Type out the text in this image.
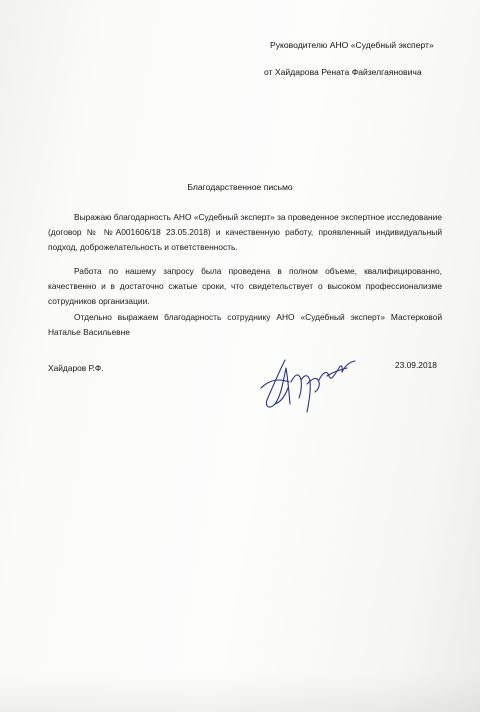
Руководителю АНО «Судебный эксперт»
от Хайдарова Рената Файзелгаяновича
Благодарственное письмо
Выражаю благодарность АНО «Судебный эксперт» за проведенное экспертное исследование (договор № №А001606/18 23.05.2018) и качественную работу, проявленный индивидуальный подход, доброжелательность и ответственность.
Работа по нашему запросу была проведена в полном объеме, квалифицированно, качественно и в достаточно сжатые сроки, что свидетельствует о высоком профессионализме сотрудников организации.
Отдельно выражаем благодарность сотруднику АНО «Судебный эксперт» Мастерковой Наталье Васильевне
Хайдаров Р.Ф.	23.09.2018
